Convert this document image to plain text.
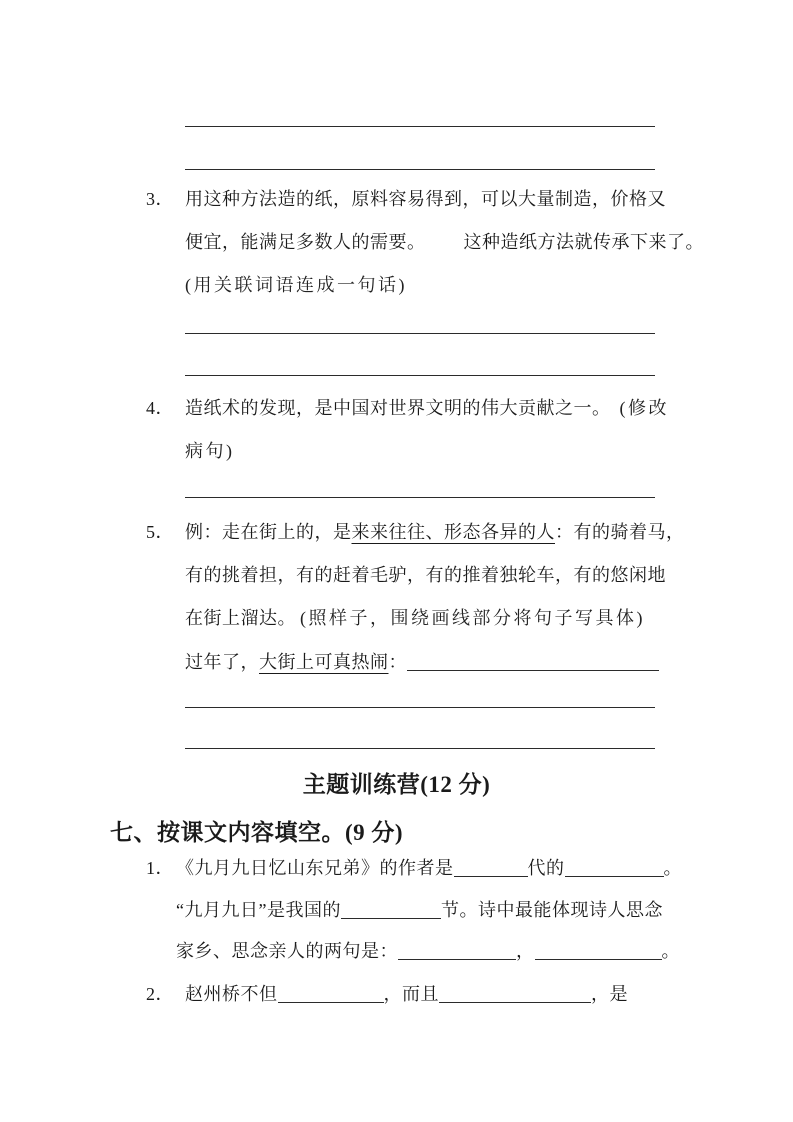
3． 用这种方法造的纸，原料容易得到，可以大量制造，价格又
便宜，能满足多数人的需要。 这种造纸方法就传承下来了。
(用关联词语连成一句话)
4． 造纸术的发现，是中国对世界文明的伟大贡献之一。 (修改
病句)
5． 例：走在街上的，是来来往往、形态各异的人：有的骑着马，
有的挑着担，有的赶着毛驴，有的推着独轮车，有的悠闲地
在街上溜达。 (照样子，围绕画线部分将句子写具体)
过年了，大街上可真热闹：
主题训练营(12 分)
七、按课文内容填空。(9 分)
1． 《九月九日忆山东兄弟》的作者是	代的	。
“九月九日”是我国的	节。诗中最能体现诗人思念
家乡、思念亲人的两句是：	，	。
2． 赵州桥不但	，而且	，是
